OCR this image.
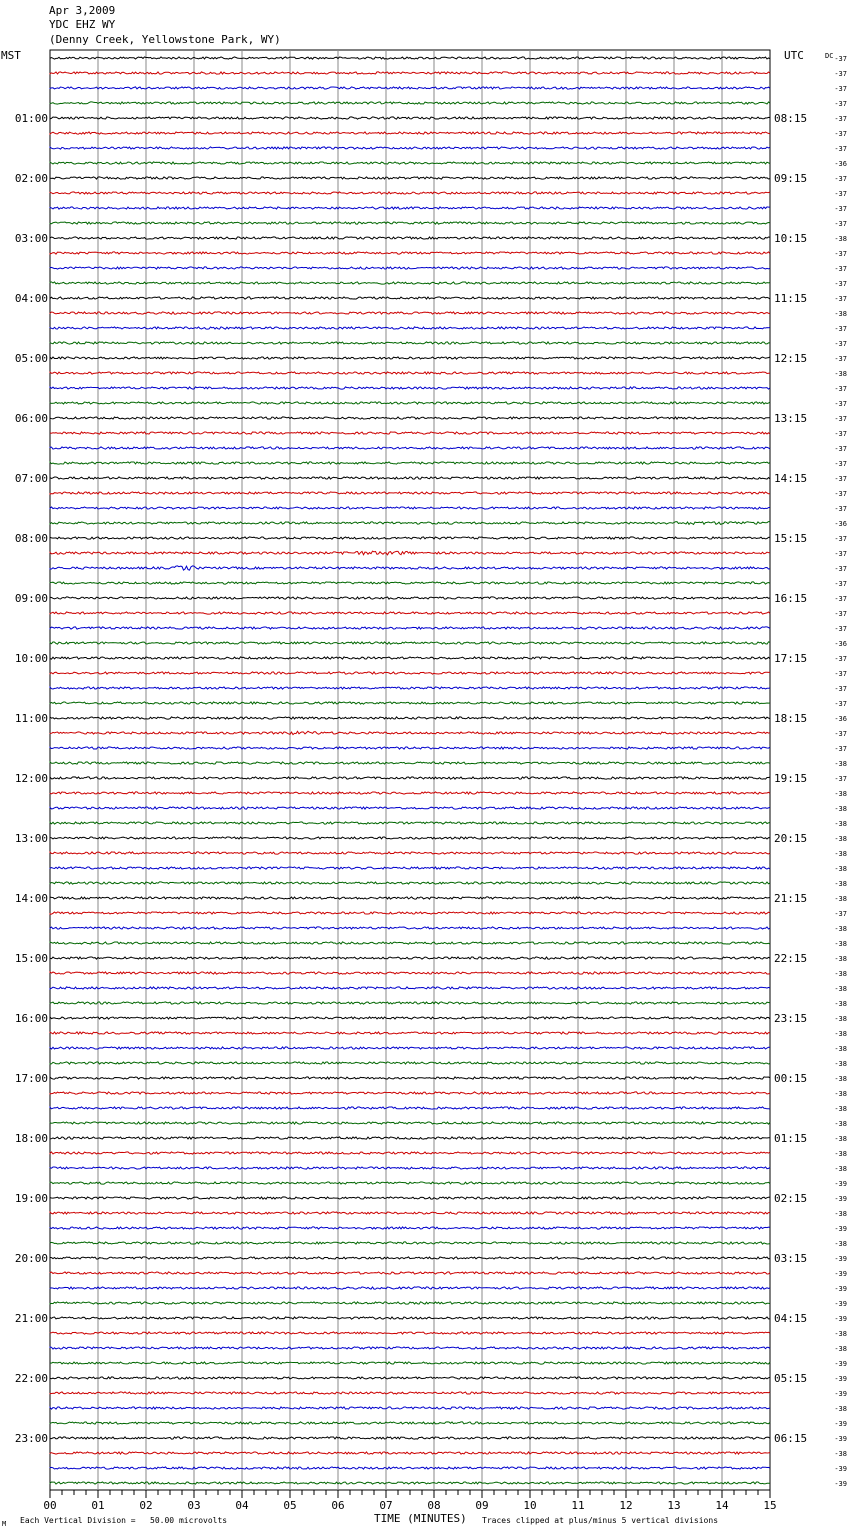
Apr 3,2009
YDC EHZ WY
(Denny Creek, Yellowstone Park, WY)
MST	UTC	-37
-37
-37
-37
-37
-37
-37
-36
-37
-37
-37
-37
-38
-37
-37
-37
-37
-38
-37
-37
-37
-38
-37
-37
-37
-37
-37
-37
-37
-37
-37
-36
-37
-37
-37
-37
-37
-37
-37
-36
-37
-37
-37
-37
-36
-37
-37
-38
-37
-38
-38
-38
-38
-38
-38
-38
-38
-37
-38
-38
-38
-38
-38
-38
-38
-38
-38
-38
-38
-38
-38
-38
-38
-38
-38
-39
-39
-38
-39
-38
-39
-39
-39
-39
-39
-38
-38
-39
-39
-39
-38
-39
-39
-38
-39
-39
DC
01:00
02:00
03:00
04:00
05:00
06:00
07:00
08:00
09:00
10:00
11:00
12:00
13:00
14:00
15:00
16:00
17:00
18:00
19:00
20:00
21:00
22:00
23:00
08:15
09:15
10:15
11:15
12:15
13:15
14:15
15:15
16:15
17:15
18:15
19:15
20:15
21:15
22:15
23:15
00:15
01:15
02:15
03:15
04:15
05:15
06:15
00	01	02	03	04	05	06	07	08	09	10	11	12	13	14	15
M Each Vertical Division =   50.00 microvolts	TIME (MINUTES) Traces clipped at plus/minus 5 vertical divisions
